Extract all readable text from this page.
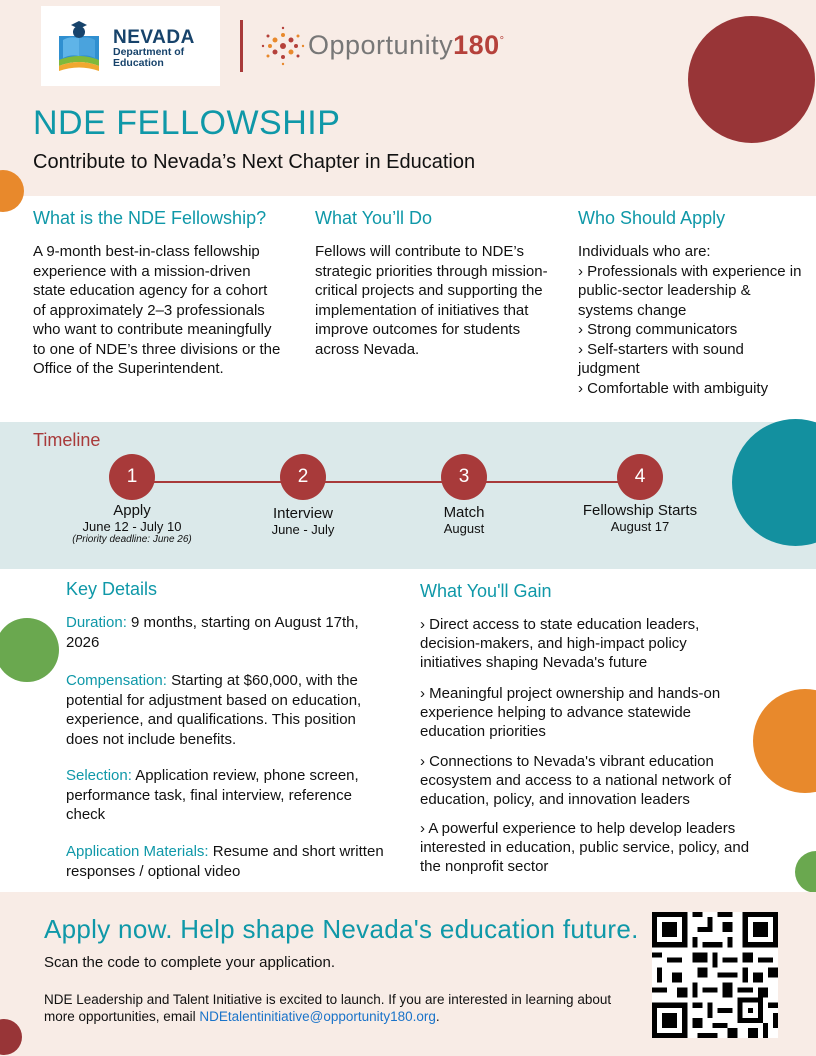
NEVADA
Department of
Education
Opportunity180°
NDE FELLOWSHIP
Contribute to Nevada’s Next Chapter in Education
What is the NDE Fellowship?

A 9-month best-in-class fellowship experience with a mission-driven state education agency for a cohort of approximately 2–3 professionals who want to contribute meaningfully to one of NDE’s three divisions or the Office of the Superintendent.

What You’ll Do

Fellows will contribute to NDE’s strategic priorities through mission-critical projects and supporting the implementation of initiatives that improve outcomes for students across Nevada.

Who Should Apply
Individuals who are:
› Professionals with experience in public-sector leadership & systems change
› Strong communicators
› Self-starters with sound judgment
› Comfortable with ambiguity
Timeline
1	2	3	4
Apply
June 12 - July 10
(Priority deadline: June 26)
Interview
June - July
Match
August
Fellowship Starts
August 17
Key Details
Duration: 9 months, starting on August 17th, 2026
Compensation: Starting at $60,000, with the potential for adjustment based on education, experience, and qualifications. This position does not include benefits.
Selection: Application review, phone screen, performance task, final interview, reference check
Application Materials: Resume and short written responses / optional video
What You'll Gain
› Direct access to state education leaders, decision-makers, and high-impact policy initiatives shaping Nevada's future
› Meaningful project ownership and hands-on experience helping to advance statewide education priorities
› Connections to Nevada's vibrant education ecosystem and access to a national network of education, policy, and innovation leaders
› A powerful experience to help develop leaders interested in education, public service, policy, and the nonprofit sector
Apply now. Help shape Nevada's education future.
Scan the code to complete your application.
NDE Leadership and Talent Initiative is excited to launch. If you are interested in learning about more opportunities, email NDEtalentinitiative@opportunity180.org.
